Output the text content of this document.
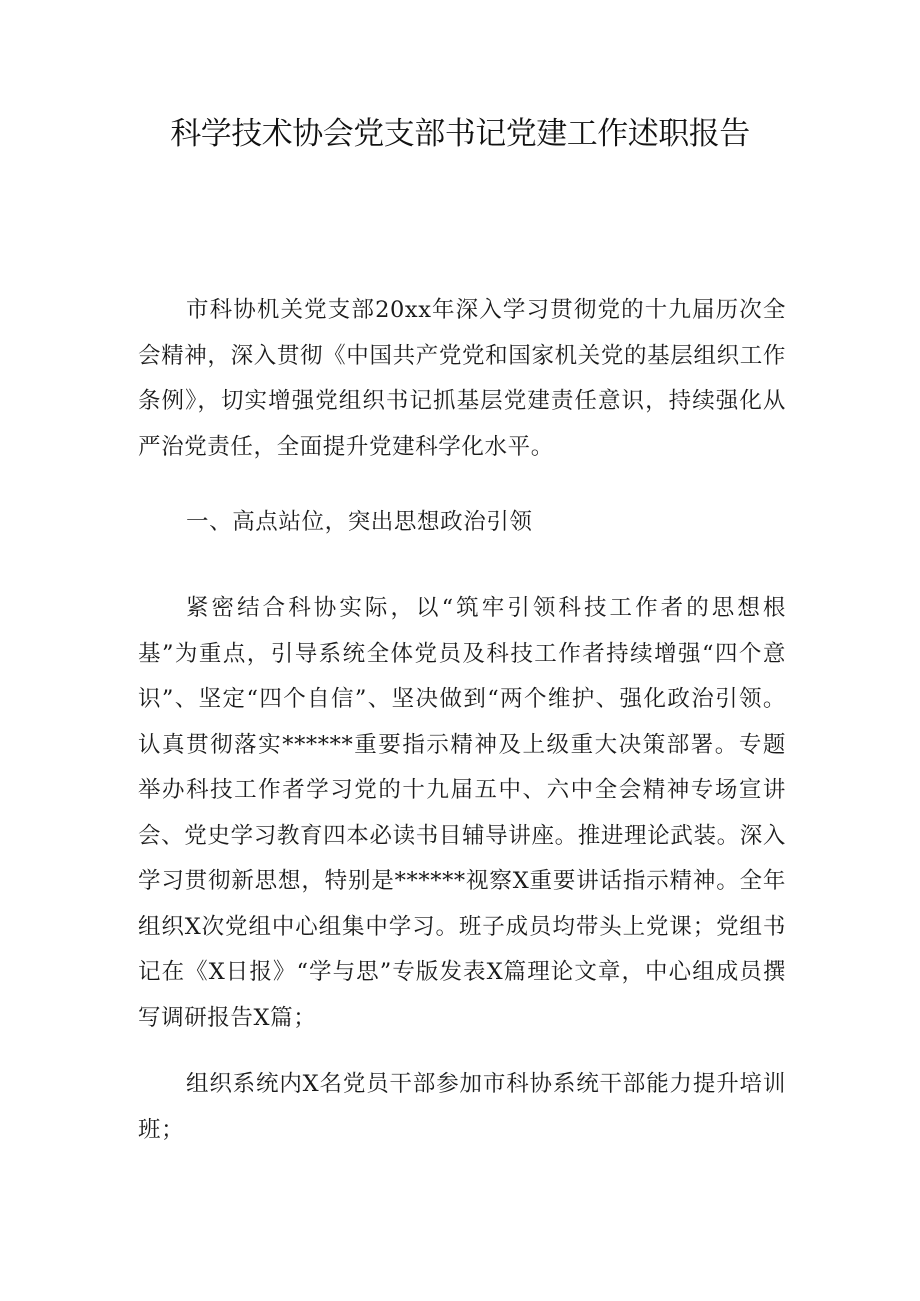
科学技术协会党支部书记党建工作述职报告

市科协机关党支部20xx年深入学习贯彻党的十九届历次全会精神，深入贯彻《中国共产党党和国家机关党的基层组织工作条例》，切实增强党组织书记抓基层党建责任意识，持续强化从严治党责任，全面提升党建科学化水平。

一、高点站位，突出思想政治引领

紧密结合科协实际，以“筑牢引领科技工作者的思想根基”为重点，引导系统全体党员及科技工作者持续增强“四个意识”、坚定“四个自信”、坚决做到“两个维护、强化政治引领。认真贯彻落实******重要指示精神及上级重大决策部署。专题举办科技工作者学习党的十九届五中、六中全会精神专场宣讲会、党史学习教育四本必读书目辅导讲座。推进理论武装。深入学习贯彻新思想，特别是******视察X重要讲话指示精神。全年组织X次党组中心组集中学习。班子成员均带头上党课；党组书记在《X日报》“学与思”专版发表X篇理论文章，中心组成员撰写调研报告X篇；

组织系统内X名党员干部参加市科协系统干部能力提升培训班；
